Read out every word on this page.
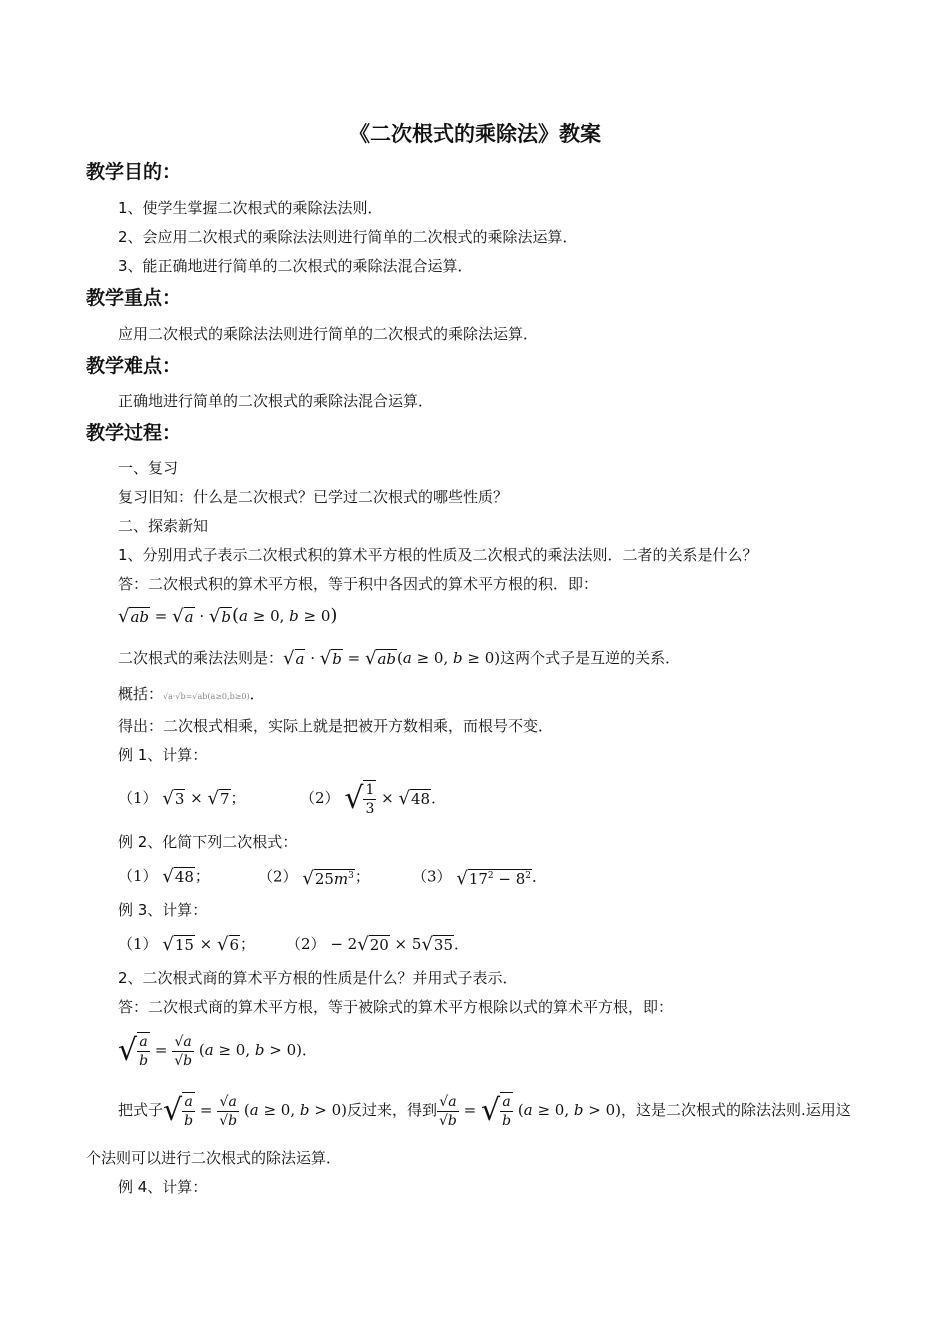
《二次根式的乘除法》教案
教学目的：
1、使学生掌握二次根式的乘除法法则．
2、会应用二次根式的乘除法法则进行简单的二次根式的乘除法运算．
3、能正确地进行简单的二次根式的乘除法混合运算．
教学重点：
应用二次根式的乘除法法则进行简单的二次根式的乘除法运算．
教学难点：
正确地进行简单的二次根式的乘除法混合运算．
教学过程：
一、复习
复习旧知：什么是二次根式？已学过二次根式的哪些性质？
二、探索新知
1、分别用式子表示二次根式积的算术平方根的性质及二次根式的乘法法则．二者的关系是什么？
答：二次根式积的算术平方根，等于积中各因式的算术平方根的积．即：
√ab = √a · √b(a ≥ 0, b ≥ 0)
二次根式的乘法法则是：√a · √b = √ab(a ≥ 0, b ≥ 0)这两个式子是互逆的关系．
概括：√a·√b=√ab(a≥0,b≥0)．
得出：二次根式相乘，实际上就是把被开方数相乘，而根号不变．
例 1、计算：
（1） √3 × √7；	（2） √ $\frac{1}{3} \times √48$．
例 2、化简下列二次根式：
（1） √48；	（2） $√25m^3$；	（3） $√17^2 - 8^2$．
例 3、计算：
（1） √15 × √6； （2） − 2√20 × 5√35．
2、二次根式商的算术平方根的性质是什么？并用式子表示．
答：二次根式商的算术平方根，等于被除式的算术平方根除以式的算术平方根，即：
√ $\frac{a}{b} = \frac{√a}{√b} (a \ge 0$, b > 0)．
把式子√ $\frac{a}{b} = \frac{√a}{√b} (a \ge 0$, b > 0)反过来，得到 $\frac{√a}{√b}$ = √ $\frac{a}{b} (a \ge 0$, b > 0)，这是二次根式的除法法则.运用这
个法则可以进行二次根式的除法运算．
例 4、计算：
